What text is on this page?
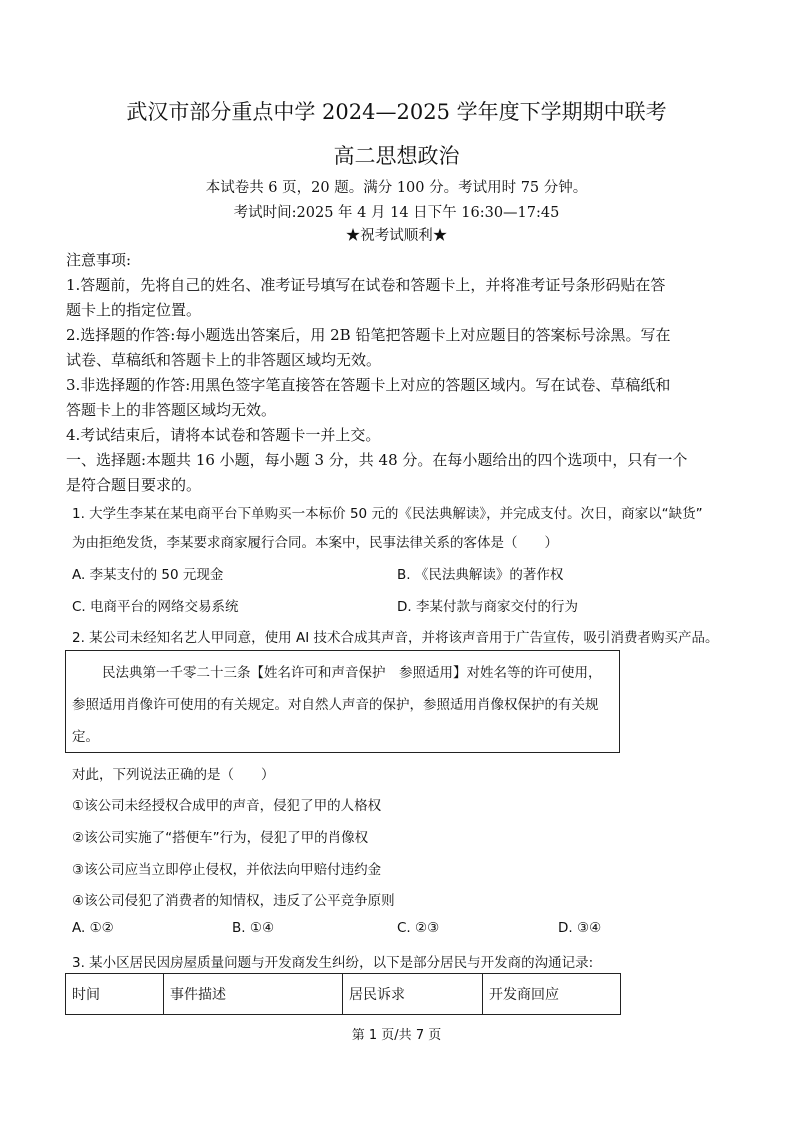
武汉市部分重点中学 2024—2025 学年度下学期期中联考
高二思想政治
本试卷共 6 页，20 题。满分 100 分。考试用时 75 分钟。
考试时间:2025 年 4 月 14 日下午 16:30—17:45
★祝考试顺利★
注意事项:
1.答题前，先将自己的姓名、准考证号填写在试卷和答题卡上，并将准考证号条形码贴在答
题卡上的指定位置。
2.选择题的作答:每小题选出答案后，用 2B 铅笔把答题卡上对应题目的答案标号涂黑。写在
试卷、草稿纸和答题卡上的非答题区域均无效。
3.非选择题的作答:用黑色签字笔直接答在答题卡上对应的答题区域内。写在试卷、草稿纸和
答题卡上的非答题区域均无效。
4.考试结束后，请将本试卷和答题卡一并上交。
一、选择题:本题共 16 小题，每小题 3 分，共 48 分。在每小题给出的四个选项中，只有一个
是符合题目要求的。
1. 大学生李某在某电商平台下单购买一本标价 50 元的《民法典解读》，并完成支付。次日，商家以“缺货”
为由拒绝发货，李某要求商家履行合同。本案中，民事法律关系的客体是（　　）
A. 李某支付的 50 元现金	B. 《民法典解读》的著作权
C. 电商平台的网络交易系统	D. 李某付款与商家交付的行为
2. 某公司未经知名艺人甲同意，使用 AI 技术合成其声音，并将该声音用于广告宣传，吸引消费者购买产品。
民法典第一千零二十三条【姓名许可和声音保护　参照适用】对姓名等的许可使用，
参照适用肖像许可使用的有关规定。对自然人声音的保护，参照适用肖像权保护的有关规
定。
对此，下列说法正确的是（　　）
①该公司未经授权合成甲的声音，侵犯了甲的人格权
②该公司实施了“搭便车”行为，侵犯了甲的肖像权
③该公司应当立即停止侵权，并依法向甲赔付违约金
④该公司侵犯了消费者的知情权，违反了公平竞争原则
A. ①②	B. ①④	C. ②③	D. ③④
3. 某小区居民因房屋质量问题与开发商发生纠纷，以下是部分居民与开发商的沟通记录:
时间	事件描述	居民诉求	开发商回应
第 1 页/共 7 页
